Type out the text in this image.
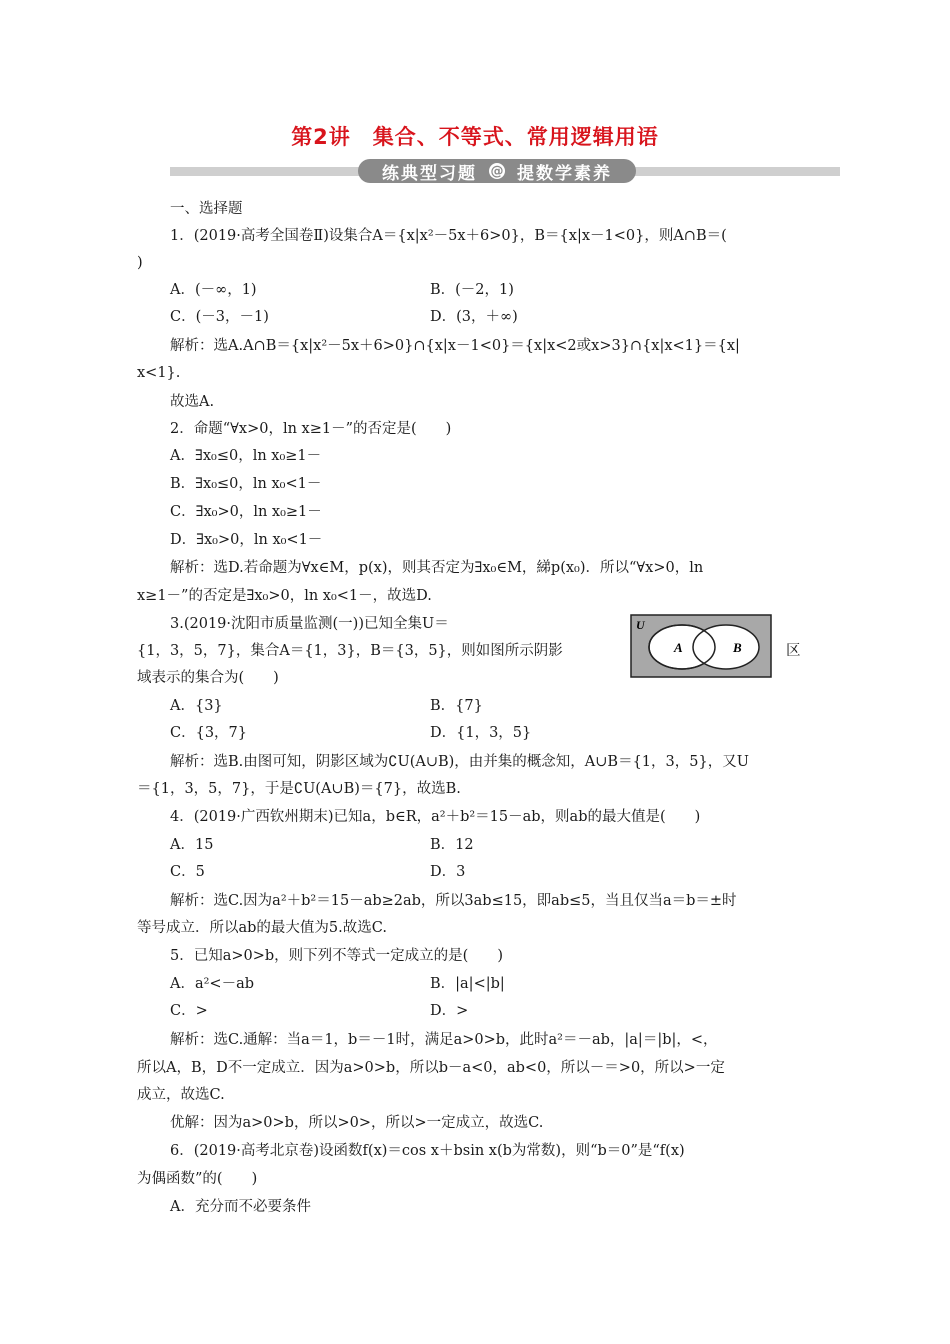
第2讲　集合、不等式、常用逻辑用语
练典型习题 @ 提数学素养
一、选择题
1．(2019·高考全国卷Ⅱ)设集合A＝{x|x²－5x＋6>0}，B＝{x|x－1<0}，则A∩B＝(
)
A．(－∞，1)	B．(－2，1)
C．(－3，－1)	D．(3，＋∞)
解析：选A.A∩B＝{x|x²－5x＋6>0}∩{x|x－1<0}＝{x|x<2或x>3}∩{x|x<1}＝{x|
x<1}.
故选A.
2．命题“∀x>0，ln x≥1－”的否定是(　　)
A．∃x₀≤0，ln x₀≥1－
B．∃x₀≤0，ln x₀<1－
C．∃x₀>0，ln x₀≥1－
D．∃x₀>0，ln x₀<1－
解析：选D.若命题为∀x∈M，p(x)，则其否定为∃x₀∈M，綈p(x₀)．所以“∀x>0，ln
x≥1－”的否定是∃x₀>0，ln x₀<1－，故选D.
3.(2019·沈阳市质量监测(一))已知全集U＝
{1，3，5，7}，集合A＝{1，3}，B＝{3，5}，则如图所示阴影	区
域表示的集合为(　　)
A．{3}	B．{7}
C．{3，7}	D．{1，3，5}
解析：选B.由图可知，阴影区域为∁U(A∪B)，由并集的概念知，A∪B＝{1，3，5}，又U
＝{1，3，5，7}，于是∁U(A∪B)＝{7}，故选B.
4．(2019·广西钦州期末)已知a，b∈R，a²＋b²＝15－ab，则ab的最大值是(　　)
A．15	B．12
C．5	D．3
解析：选C.因为a²＋b²＝15－ab≥2ab，所以3ab≤15，即ab≤5，当且仅当a＝b＝±时
等号成立．所以ab的最大值为5.故选C.
5．已知a>0>b，则下列不等式一定成立的是(　　)
A．a²<－ab	B．|a|<|b|
C．>	D．>
解析：选C.通解：当a＝1，b＝－1时，满足a>0>b，此时a²＝－ab，|a|＝|b|，<，
所以A，B，D不一定成立．因为a>0>b，所以b－a<0，ab<0，所以－＝>0，所以>一定
成立，故选C.
优解：因为a>0>b，所以>0>，所以>一定成立，故选C.
6．(2019·高考北京卷)设函数f(x)＝cos x＋bsin x(b为常数)，则“b＝0”是“f(x)
为偶函数”的(　　)
A．充分而不必要条件
U
A	B
